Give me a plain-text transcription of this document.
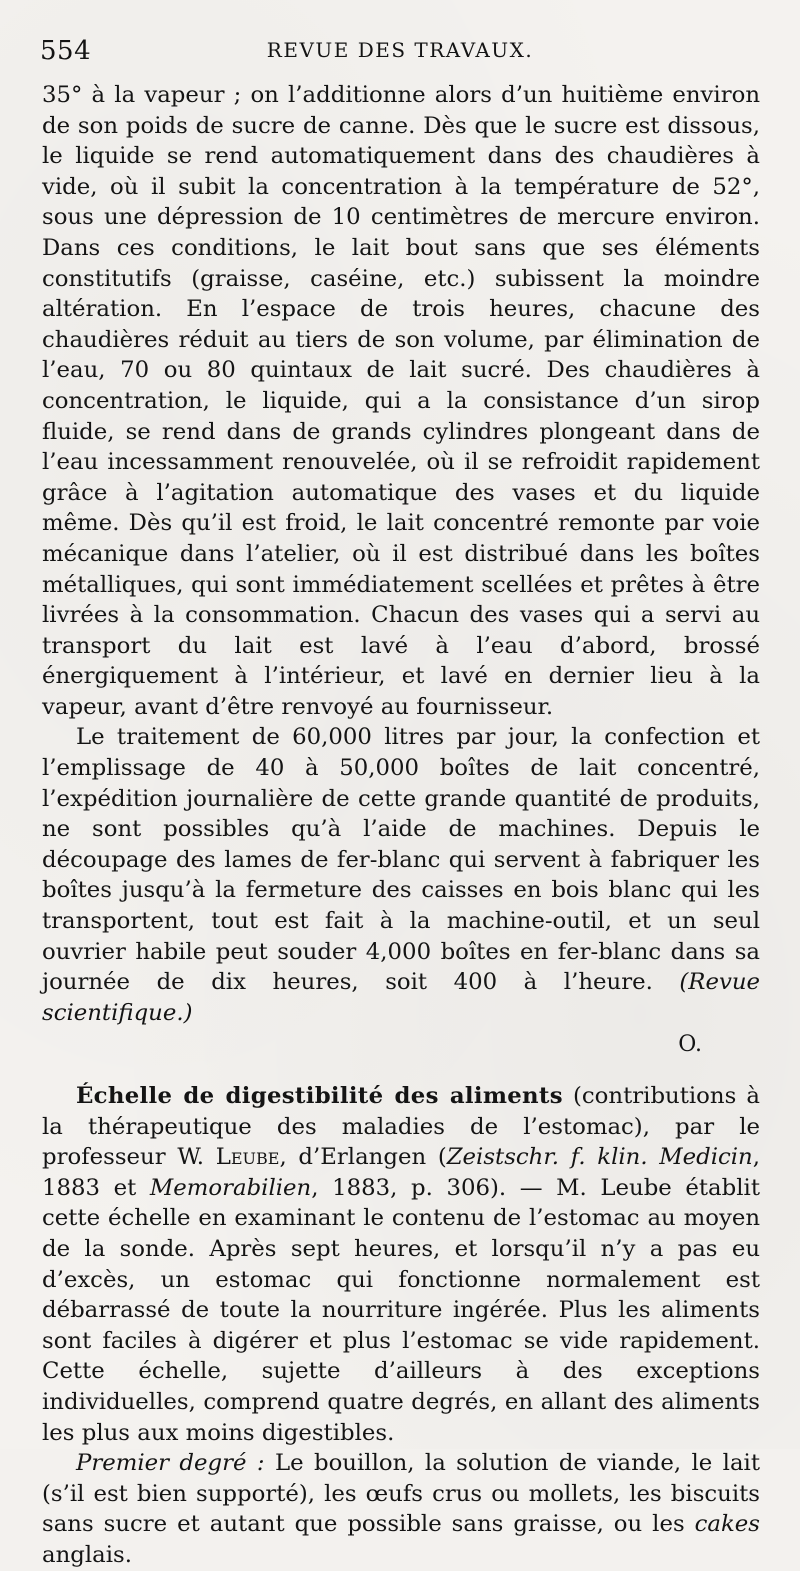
554	REVUE DES TRAVAUX.

35° à la vapeur ; on l’additionne alors d’un huitième environ de son poids de sucre de canne. Dès que le sucre est dissous, le liquide se rend automatiquement dans des chaudières à vide, où il subit la concentration à la température de 52°, sous une dépression de 10 centimètres de mercure environ. Dans ces conditions, le lait bout sans que ses éléments constitutifs (graisse, caséine, etc.) subissent la moindre altération. En l’espace de trois heures, chacune des chaudières réduit au tiers de son volume, par élimination de l’eau, 70 ou 80 quintaux de lait sucré. Des chaudières à concentration, le liquide, qui a la consistance d’un sirop fluide, se rend dans de grands cylindres plongeant dans de l’eau incessamment renouvelée, où il se refroidit rapidement grâce à l’agitation automatique des vases et du liquide même. Dès qu’il est froid, le lait concentré remonte par voie mécanique dans l’atelier, où il est distribué dans les boîtes métalliques, qui sont immédiatement scellées et prêtes à être livrées à la consommation. Chacun des vases qui a servi au transport du lait est lavé à l’eau d’abord, brossé énergiquement à l’intérieur, et lavé en dernier lieu à la vapeur, avant d’être renvoyé au fournisseur.

Le traitement de 60,000 litres par jour, la confection et l’emplissage de 40 à 50,000 boîtes de lait concentré, l’expédition journalière de cette grande quantité de produits, ne sont possibles qu’à l’aide de machines. Depuis le découpage des lames de fer-blanc qui servent à fabriquer les boîtes jusqu’à la fermeture des caisses en bois blanc qui les transportent, tout est fait à la machine-outil, et un seul ouvrier habile peut souder 4,000 boîtes en fer-blanc dans sa journée de dix heures, soit 400 à l’heure. (Revue scientifique.)

O.

Échelle de digestibilité des aliments (contributions à la thérapeutique des maladies de l’estomac), par le professeur W. Leube, d’Erlangen (Zeistschr. f. klin. Medicin, 1883 et Memorabilien, 1883, p. 306). — M. Leube établit cette échelle en examinant le contenu de l’estomac au moyen de la sonde. Après sept heures, et lorsqu’il n’y a pas eu d’excès, un estomac qui fonctionne normalement est débarrassé de toute la nourriture ingérée. Plus les aliments sont faciles à digérer et plus l’estomac se vide rapidement. Cette échelle, sujette d’ailleurs à des exceptions individuelles, comprend quatre degrés, en allant des aliments les plus aux moins digestibles.

Premier degré : Le bouillon, la solution de viande, le lait (s’il est bien supporté), les œufs crus ou mollets, les biscuits sans sucre et autant que possible sans graisse, ou les cakes anglais.
